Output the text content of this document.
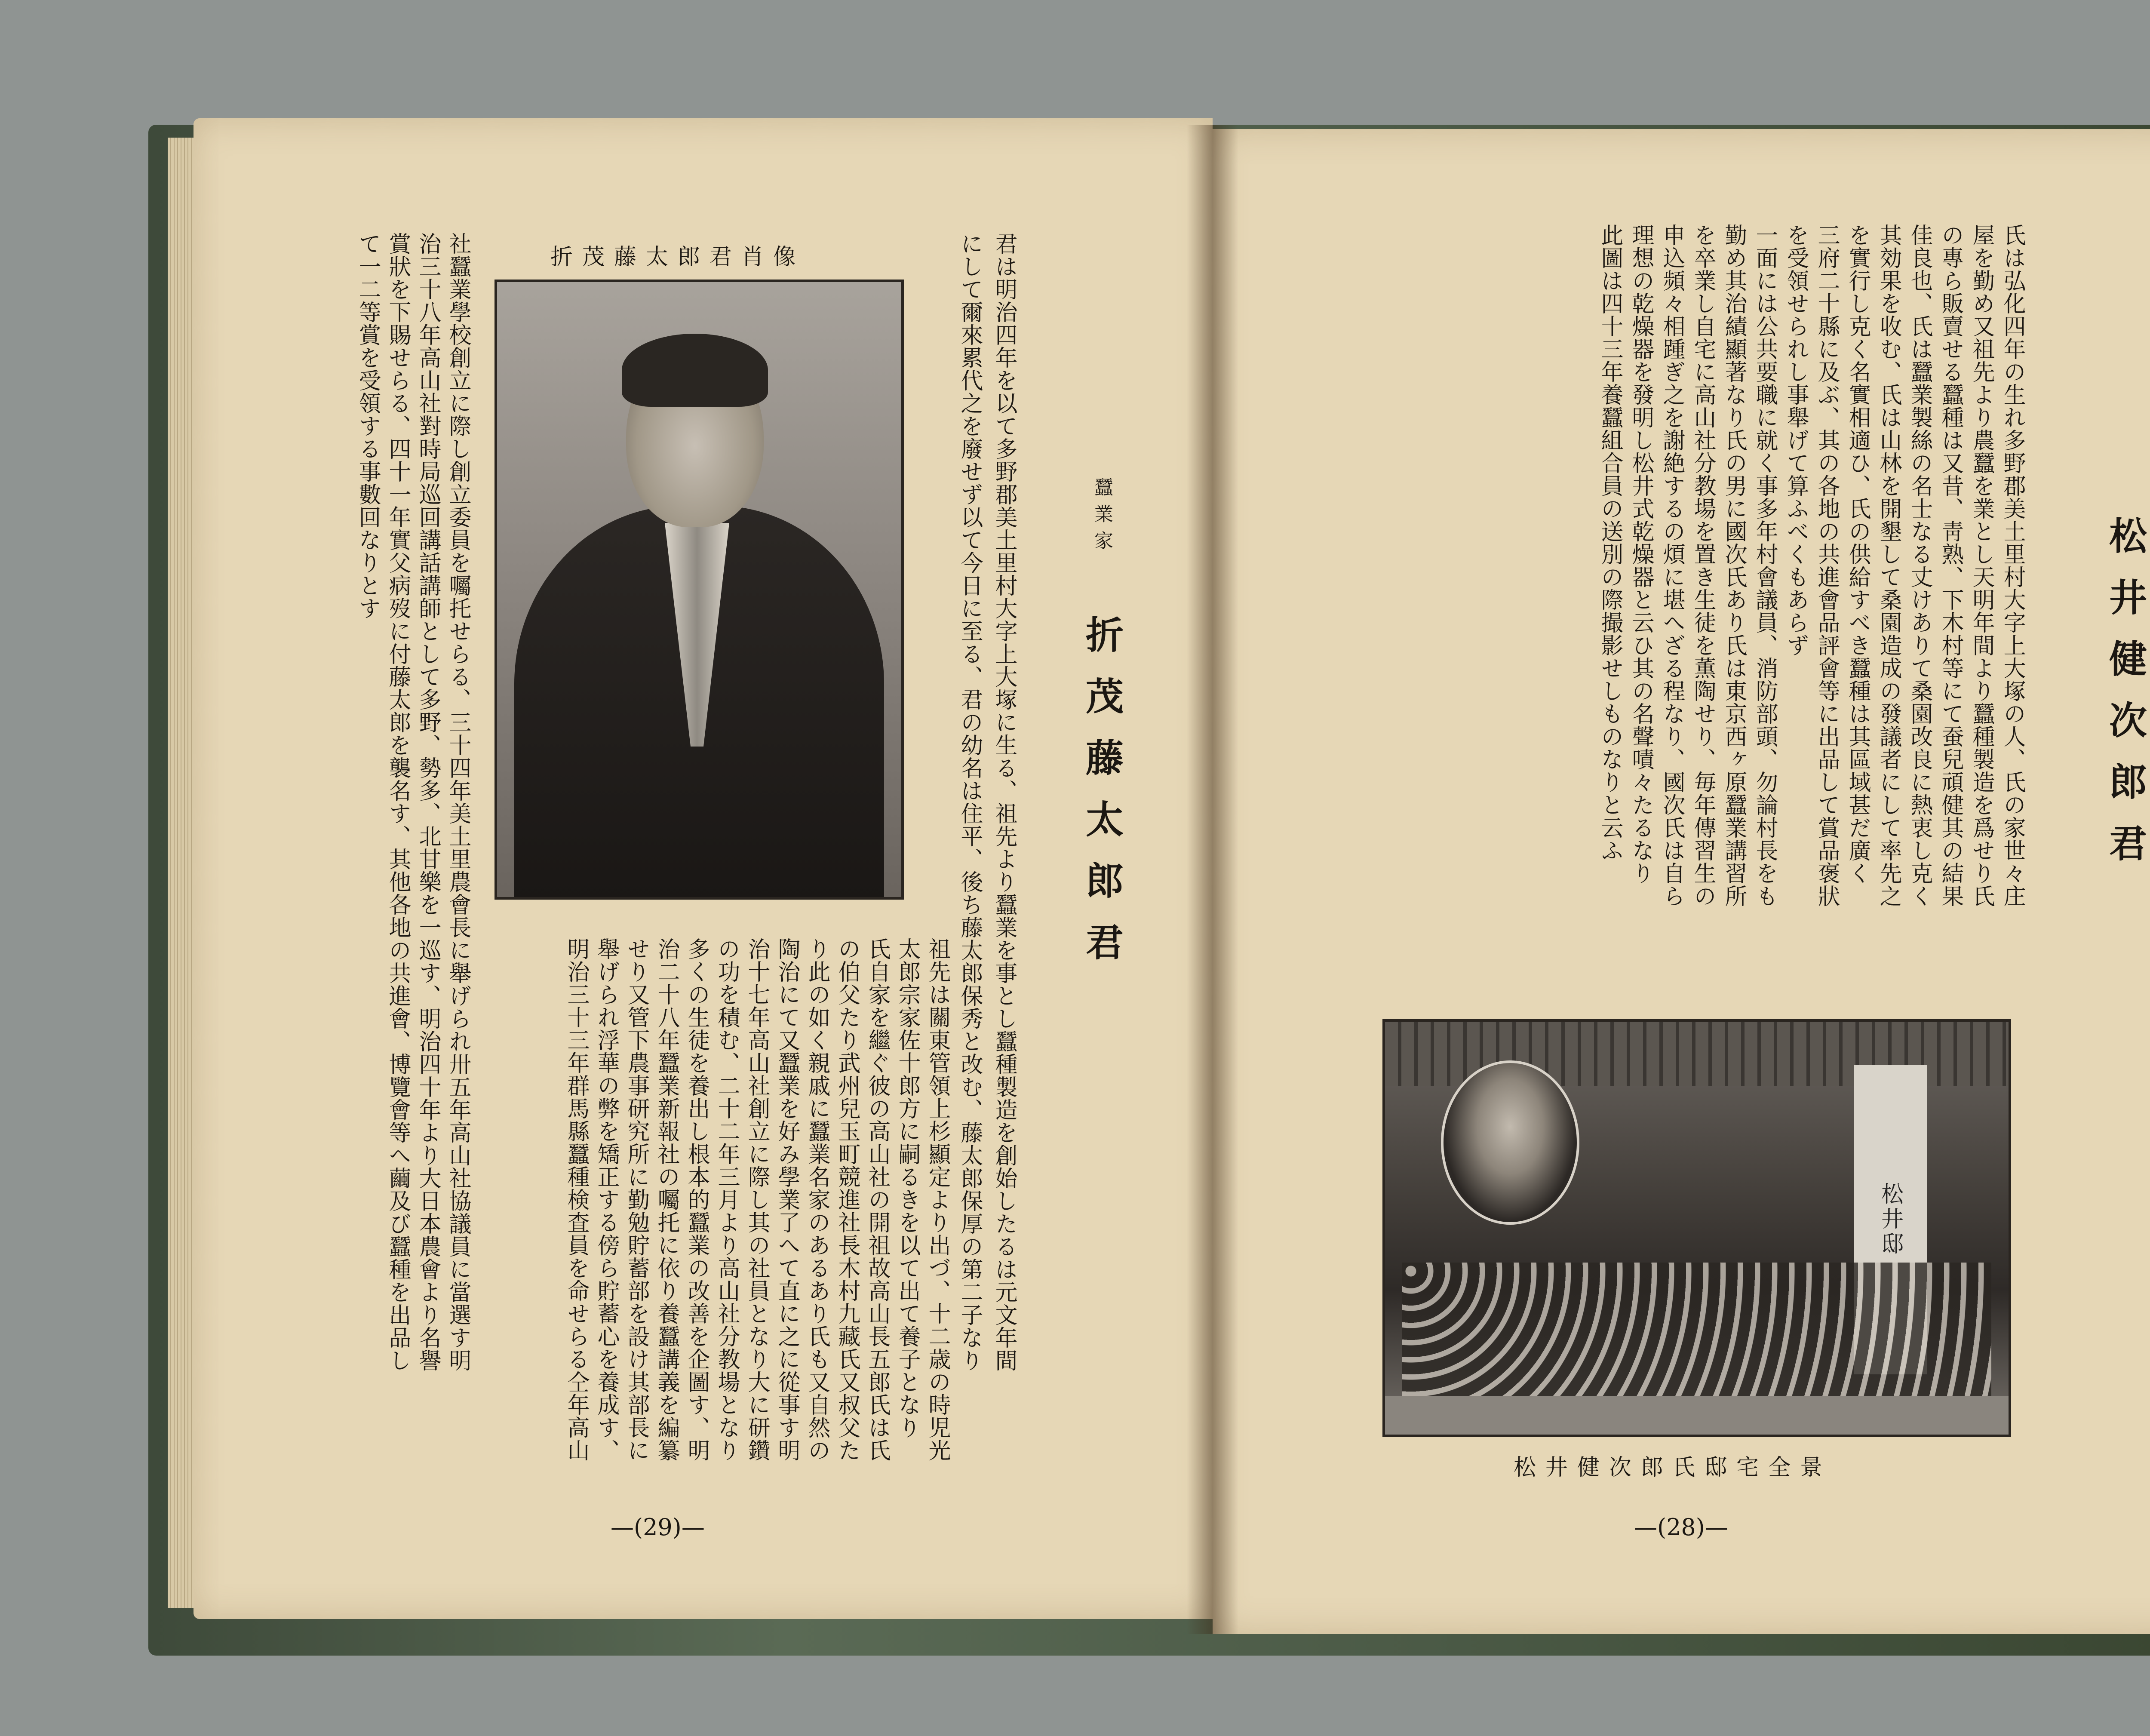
折茂藤太郎君肖像
蠶業家
折茂藤太郎君
君は明治四年を以て多野郡美土里村大字上大塚に生る、祖先より蠶業を事とし蠶種製造を創始したるは元文年間
にして爾來累代之を廢せず以て今日に至る、君の幼名は住平、後ち藤太郎保秀と改む、藤太郎保厚の第二子なり
祖先は關東管領上杉顯定より出づ、十二歳の時児光
太郎宗家佐十郎方に嗣るきを以て出て養子となり
氏自家を繼ぐ彼の高山社の開祖故高山長五郎氏は氏
の伯父たり武州兒玉町競進社長木村九藏氏又叔父た
り此の如く親戚に蠶業名家のあるあり氏も又自然の
陶治にて又蠶業を好み學業了へて直に之に從事す明
治十七年高山社創立に際し其の社員となり大に研鑽
の功を積む、二十二年三月より高山社分教場となり
多くの生徒を養出し根本的蠶業の改善を企圖す、明
治二十八年蠶業新報社の囑托に依り養蠶講義を編纂
せり又管下農事研究所に勤勉貯蓄部を設け其部長に
舉げられ浮華の弊を矯正する傍ら貯蓄心を養成す、
明治三十三年群馬縣蠶種検査員を命せらる仝年高山
社蠶業學校創立に際し創立委員を囑托せらる、三十四年美土里農會長に舉げられ卅五年高山社協議員に當選す明
治三十八年高山社對時局巡回講話講師として多野、勢多、北甘樂を一巡す、明治四十年より大日本農會より名譽
賞狀を下賜せらる、四十一年實父病歿に付藤太郎を襲名す、其他各地の共進會、博覽會等へ繭及び蠶種を出品し
て一二等賞を受領する事數回なりとす
—(29)—
松井健次郎君
氏は弘化四年の生れ多野郡美土里村大字上大塚の人、氏の家世々庄
屋を勤め又祖先より農蠶を業とし天明年間より蠶種製造を爲せり氏
の專ら販賣せる蠶種は又昔、靑熟、下木村等にて蚕兒頑健其の結果
佳良也、氏は蠶業製絲の名士なる丈けありて桑園改良に熱衷し克く
其効果を收む、氏は山林を開墾して桑園造成の發議者にして率先之
を實行し克く名實相適ひ、氏の供給すべき蠶種は其區域甚だ廣く
三府二十縣に及ぶ、其の各地の共進會品評會等に出品して賞品褒狀
を受領せられし事舉げて算ふべくもあらず
一面には公共要職に就く事多年村會議員、消防部頭、勿論村長をも
勤め其治績顯著なり氏の男に國次氏あり氏は東京西ヶ原蠶業講習所
を卒業し自宅に高山社分教場を置き生徒を薫陶せり、毎年傳習生の
申込頻々相踵ぎ之を謝絶するの煩に堪へざる程なり、國次氏は自ら
理想の乾燥器を發明し松井式乾燥器と云ひ其の名聲嘖々たるなり
此圖は四十三年養蠶組合員の送別の際撮影せしものなりと云ふ
松井邸
松井健次郎氏邸宅全景
—(28)—
